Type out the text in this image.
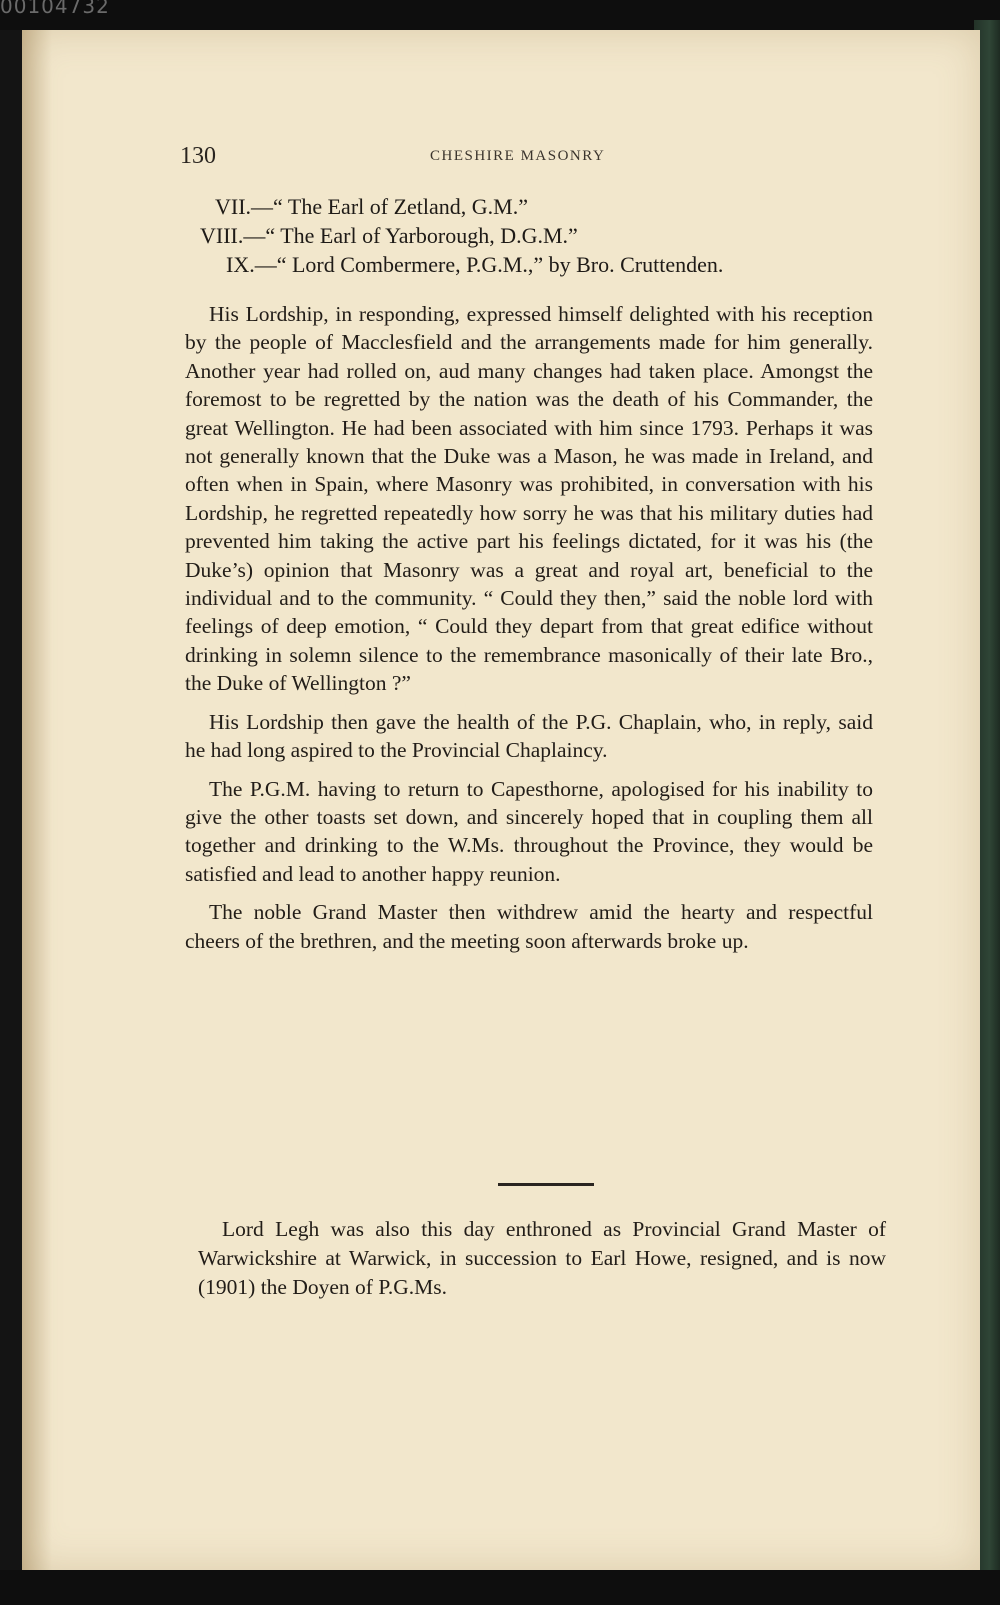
00104732
130	CHESHIRE MASONRY
VII.—“ The Earl of Zetland, G.M.”
VIII.—“ The Earl of Yarborough, D.G.M.”
IX.—“ Lord Combermere, P.G.M.,” by Bro. Cruttenden.

His Lordship, in responding, expressed himself delighted with his reception by the people of Macclesfield and the arrangements made for him generally. Another year had rolled on, aud many changes had taken place. Amongst the foremost to be regretted by the nation was the death of his Commander, the great Wellington. He had been associated with him since 1793. Perhaps it was not generally known that the Duke was a Mason, he was made in Ireland, and often when in Spain, where Masonry was prohibited, in conversation with his Lordship, he regretted repeatedly how sorry he was that his military duties had prevented him taking the active part his feelings dictated, for it was his (the Duke’s) opinion that Masonry was a great and royal art, beneficial to the individual and to the community. “ Could they then,” said the noble lord with feelings of deep emotion, “ Could they depart from that great edifice without drinking in solemn silence to the remembrance masonically of their late Bro., the Duke of Wellington ?”

His Lordship then gave the health of the P.G. Chaplain, who, in reply, said he had long aspired to the Provincial Chaplaincy.

The P.G.M. having to return to Capesthorne, apologised for his inability to give the other toasts set down, and sincerely hoped that in coupling them all together and drinking to the W.Ms. throughout the Province, they would be satisfied and lead to another happy reunion.

The noble Grand Master then withdrew amid the hearty and respectful cheers of the brethren, and the meeting soon afterwards broke up.

Lord Legh was also this day enthroned as Provincial Grand Master of Warwickshire at Warwick, in succession to Earl Howe, resigned, and is now (1901) the Doyen of P.G.Ms.
